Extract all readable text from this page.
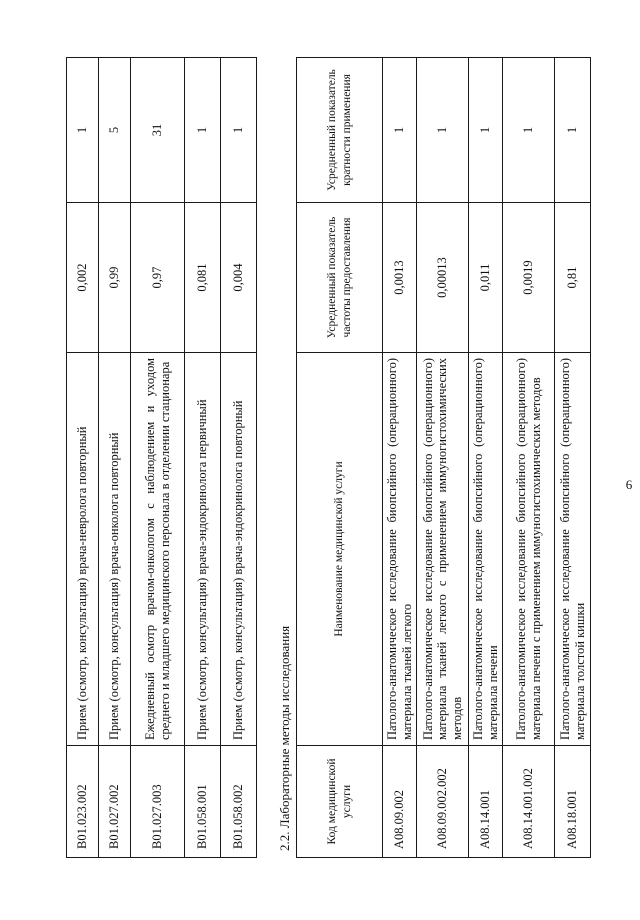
6
B01.023.002	Прием (осмотр, консультация) врача-невролога повторный	0,002	1
B01.027.002	Прием (осмотр, консультация) врача-онколога повторный	0,99	5
B01.027.003	Ежедневный осмотр врачом-онкологом с наблюдением и уходом среднего и младшего медицинского персонала в отделении стационара	0,97	31
B01.058.001	Прием (осмотр, консультация) врача-эндокринолога первичный	0,081	1
B01.058.002	Прием (осмотр, консультация) врача-эндокринолога повторный	0,004	1
2.2. Лабораторные методы исследования	Код медицинской услуги	Наименование медицинской услуги	Усредненный показатель частоты предоставления	Усредненный показатель кратности применения
A08.09.002	Патолого-анатомическое исследование биопсийного (операционного) материала тканей легкого	0,0013	1
A08.09.002.002	Патолого-анатомическое исследование биопсийного (операционного) материала тканей легкого с применением иммуногистохимических методов	0,00013	1
A08.14.001	Патолого-анатомическое исследование биопсийного (операционного) материала печени	0,011	1
A08.14.001.002	Патолого-анатомическое исследование биопсийного (операционного) материала печени с применением иммуногистохимических методов	0,0019	1
A08.18.001	Патолого-анатомическое исследование биопсийного (операционного) материала толстой кишки	0,81	1
